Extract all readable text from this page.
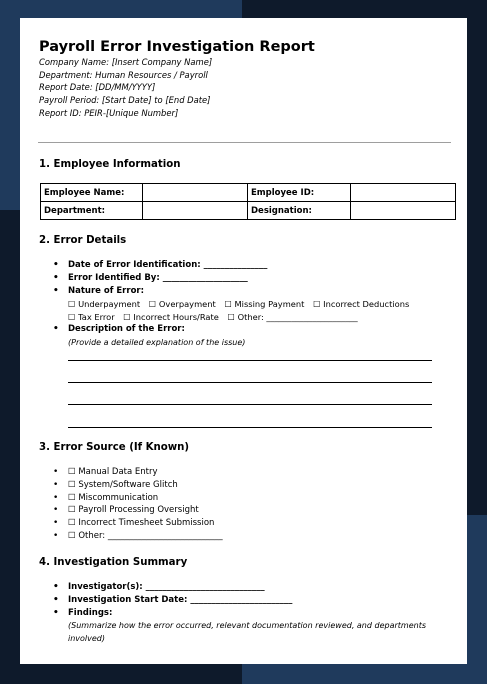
Payroll Error Investigation Report
Company Name: [Insert Company Name]
Department: Human Resources / Payroll
Report Date: [DD/MM/YYYY]
Payroll Period: [Start Date] to [End Date]
Report ID: PEIR-[Unique Number]
1. Employee Information
Employee Name:		Employee ID:	
Department:		Designation:	
2. Error Details
• Date of Error Identification: _______________
• Error Identified By: ____________________
• Nature of Error:
☐ Underpayment ☐ Overpayment ☐ Missing Payment ☐ Incorrect Deductions
☐ Tax Error ☐ Incorrect Hours/Rate ☐ Other: ______________________
• Description of the Error:
(Provide a detailed explanation of the issue)
3. Error Source (If Known)
• ☐ Manual Data Entry
• ☐ System/Software Glitch
• ☐ Miscommunication
• ☐ Payroll Processing Oversight
• ☐ Incorrect Timesheet Submission
• ☐ Other: ___________________________
4. Investigation Summary
• Investigator(s): ____________________________
• Investigation Start Date: ________________________
• Findings:
(Summarize how the error occurred, relevant documentation reviewed, and departments involved)
